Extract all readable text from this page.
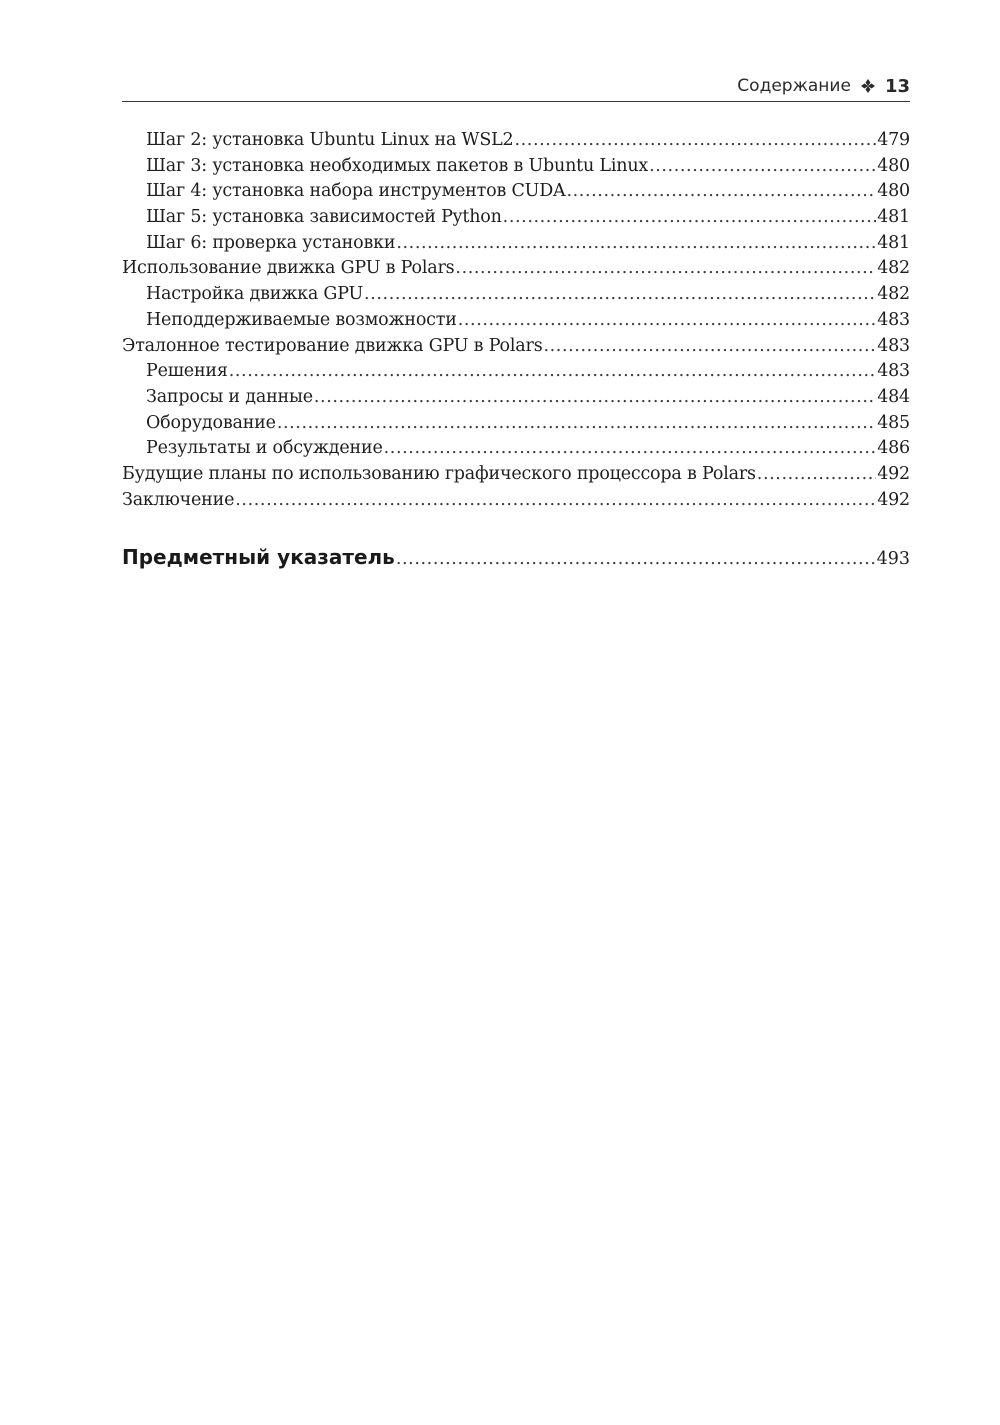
Содержание 13
Шаг 2: установка Ubuntu Linux на WSL2 .....	479
Шаг 3: установка необходимых пакетов в Ubuntu Linux .....	480
Шаг 4: установка набора инструментов CUDA .....	480
Шаг 5: установка зависимостей Python .....	481
Шаг 6: проверка установки .....	481
Использование движка GPU в Polars .....	482
Настройка движка GPU .....	482
Неподдерживаемые возможности .....	483
Эталонное тестирование движка GPU в Polars .....	483
Решения .....	483
Запросы и данные .....	484
Оборудование .....	485
Результаты и обсуждение .....	486
Будущие планы по использованию графического процессора в Polars .....	492
Заключение .....	492
Предметный указатель .....	493
